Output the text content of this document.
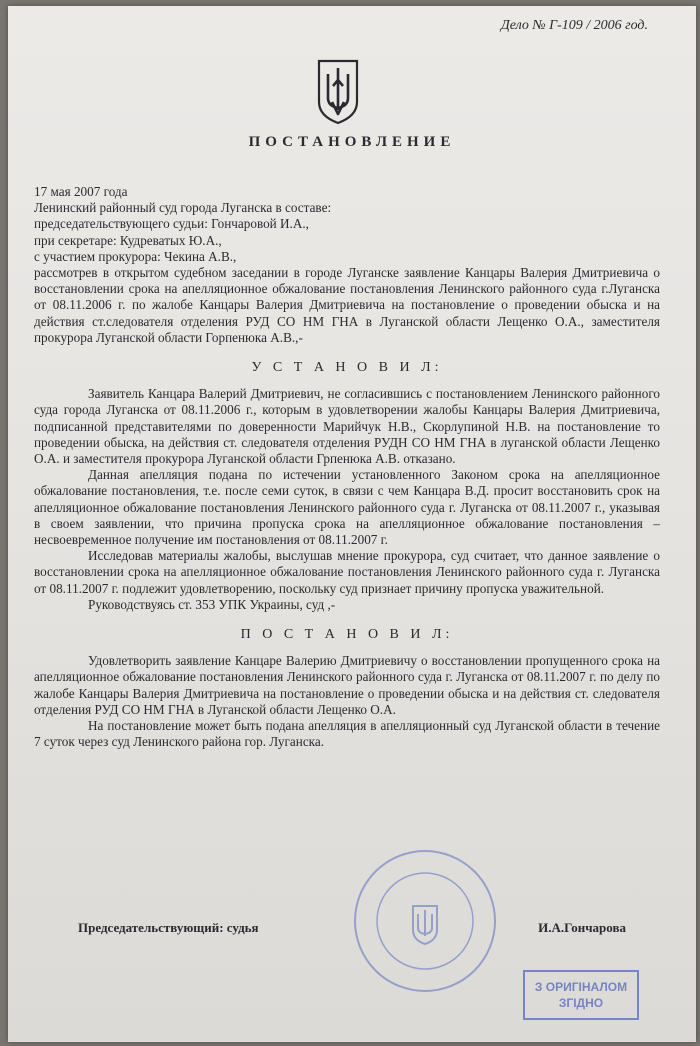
Дело № Г-109 / 2006 год.
ПОСТАНОВЛЕНИЕ

17 мая 2007 года

Ленинский районный суд города Луганска в составе:

председательствующего судьи: Гончаровой И.А.,

при секретаре: Кудреватых Ю.А.,

с участием прокурора: Чекина А.В.,

рассмотрев в открытом судебном заседании в городе Луганске заявление Канцары Валерия Дмитриевича о восстановлении срока на апелляционное обжалование постановления Ленинского районного суда г.Луганска от 08.11.2006 г. по жалобе Канцары Валерия Дмитриевича на постановление о проведении обыска и на действия ст.следователя отделения РУД СО НМ ГНА в Луганской области Лещенко О.А., заместителя прокурора Луганской области Горпенюка А.В.,-

У С Т А Н О В И Л:

Заявитель Канцара Валерий Дмитриевич, не согласившись с постановлением Ленинского районного суда города Луганска от 08.11.2006 г., которым в удовлетворении жалобы Канцары Валерия Дмитриевича, подписанной представителями по доверенности Марийчук Н.В., Скорлупиной Н.В. на постановление то проведении обыска, на действия ст. следователя отделения РУДН СО НМ ГНА в луганской области Лещенко О.А. и заместителя прокурора Луганской области Грпенюка А.В. отказано.

Данная апелляция подана по истечении установленного Законом срока на апелляционное обжалование постановления, т.е. после семи суток, в связи с чем Канцара В.Д. просит восстановить срок на апелляционное обжалование постановления Ленинского районного суда г. Луганска от 08.11.2007 г., указывая в своем заявлении, что причина пропуска срока на апелляционное обжалование постановления – несвоевременное получение им постановления от 08.11.2007 г.

Исследовав материалы жалобы, выслушав мнение прокурора, суд считает, что данное заявление о восстановлении срока на апелляционное обжалование постановления Ленинского районного суда г. Луганска от 08.11.2007 г. подлежит удовлетворению, поскольку суд признает причину пропуска уважительной.

Руководствуясь ст. 353 УПК Украины, суд ,-

П О С Т А Н О В И Л:

Удовлетворить заявление Канцаре Валерию Дмитриевичу о восстановлении пропущенного срока на апелляционное обжалование постановления Ленинского районного суда г. Луганска от 08.11.2007 г. по делу по жалобе Канцары Валерия Дмитриевича на постановление о проведении обыска и на действия ст. следователя отделения РУД СО НМ ГНА в Луганской области Лещенко О.А.

На постановление может быть подана апелляция в апелляционный суд Луганской области в течение 7 суток через суд Ленинского района гор. Луганска.

Председательствующий: судья	И.А.Гончарова
З ОРИГІНАЛОМ
ЗГІДНО
